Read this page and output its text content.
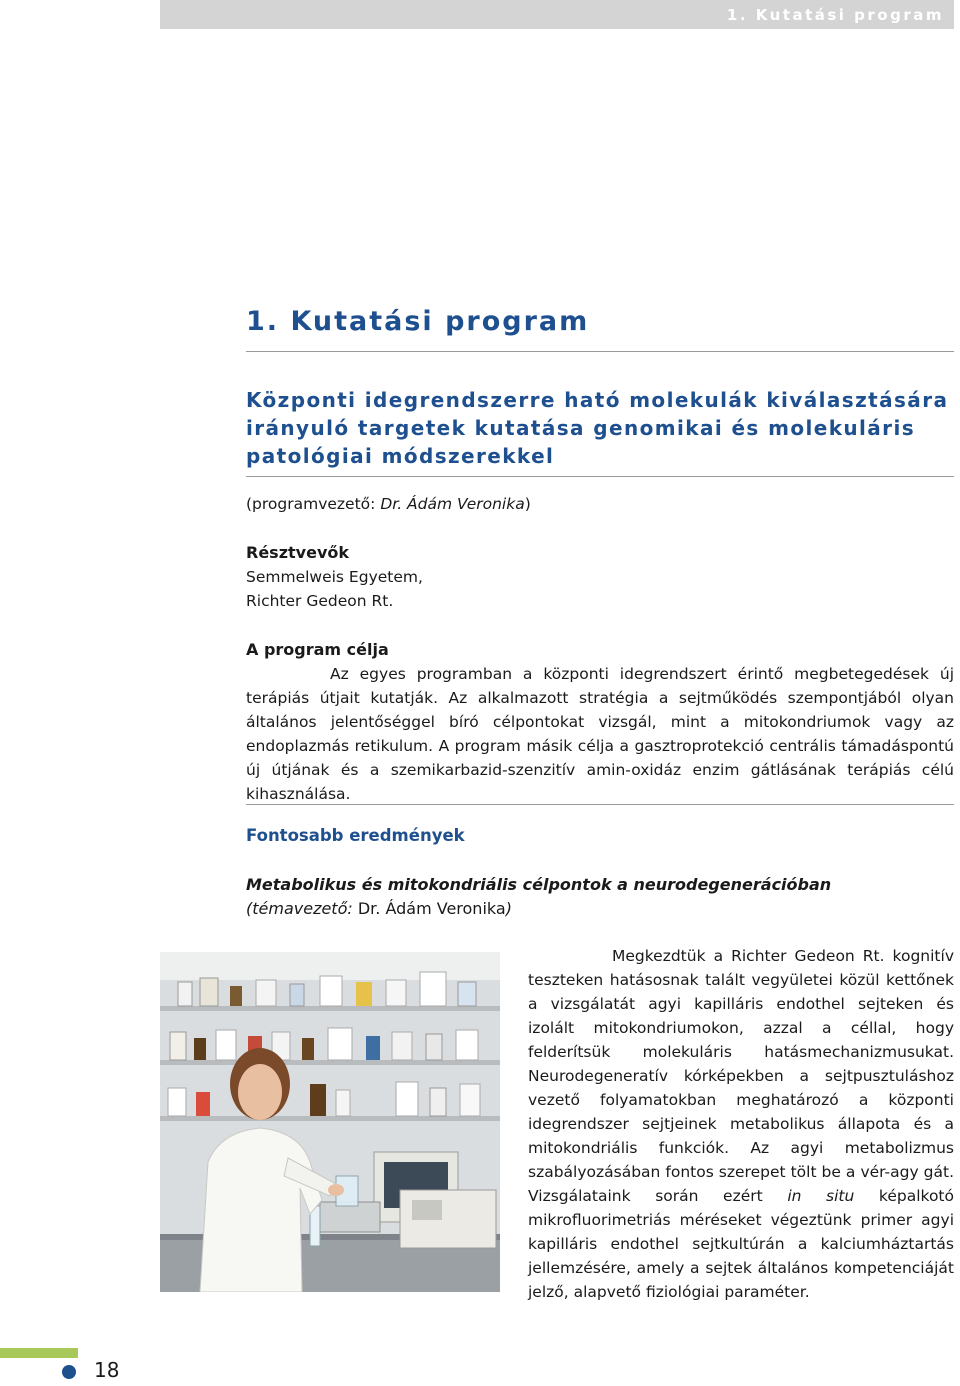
1. Kutatási program
1. Kutatási program
Központi idegrendszerre ható molekulák kiválasztására
irányuló targetek kutatása genomikai és molekuláris
patológiai módszerekkel
(programvezető: Dr. Ádám Veronika)
Résztvevők
Semmelweis Egyetem,
Richter Gedeon Rt.
A program célja

Az egyes programban a központi idegrendszert érintő megbetegedések új terápiás útjait kutatják. Az alkalmazott stratégia a sejtműködés szempontjából olyan általános jelentőséggel bíró célpontokat vizsgál, mint a mitokondriumok vagy az endoplazmás retikulum. A program másik célja a gasztroprotekció centrális támadáspontú új útjának és a szemikarbazid-szenzitív amin-oxidáz enzim gátlásának terápiás célú kihasználása.

Fontosabb eredmények
Metabolikus és mitokondriális célpontok a neurodegenerációban
(témavezető: Dr. Ádám Veronika)

Megkezdtük a Richter Gedeon Rt. kognitív teszteken hatásosnak talált vegyületei közül kettőnek a vizsgálatát agyi kapilláris endothel sejteken és izolált mitokondriumokon, azzal a céllal, hogy felderítsük molekuláris hatásmechanizmusukat. Neurodegeneratív kórképekben a sejtpusztuláshoz vezető folyamatokban meghatározó a központi idegrendszer sejtjeinek metabolikus állapota és a mitokondriális funkciók. Az agyi metabolizmus szabályozásában fontos szerepet tölt be a vér-agy gát. Vizsgálataink során ezért in situ képalkotó mikrofluorimetriás méréseket végeztünk primer agyi kapilláris endothel sejtkultúrán a kalciumháztartás jellemzésére, amely a sejtek általános kompetenciáját jelző, alapvető fiziológiai paraméter.

18
